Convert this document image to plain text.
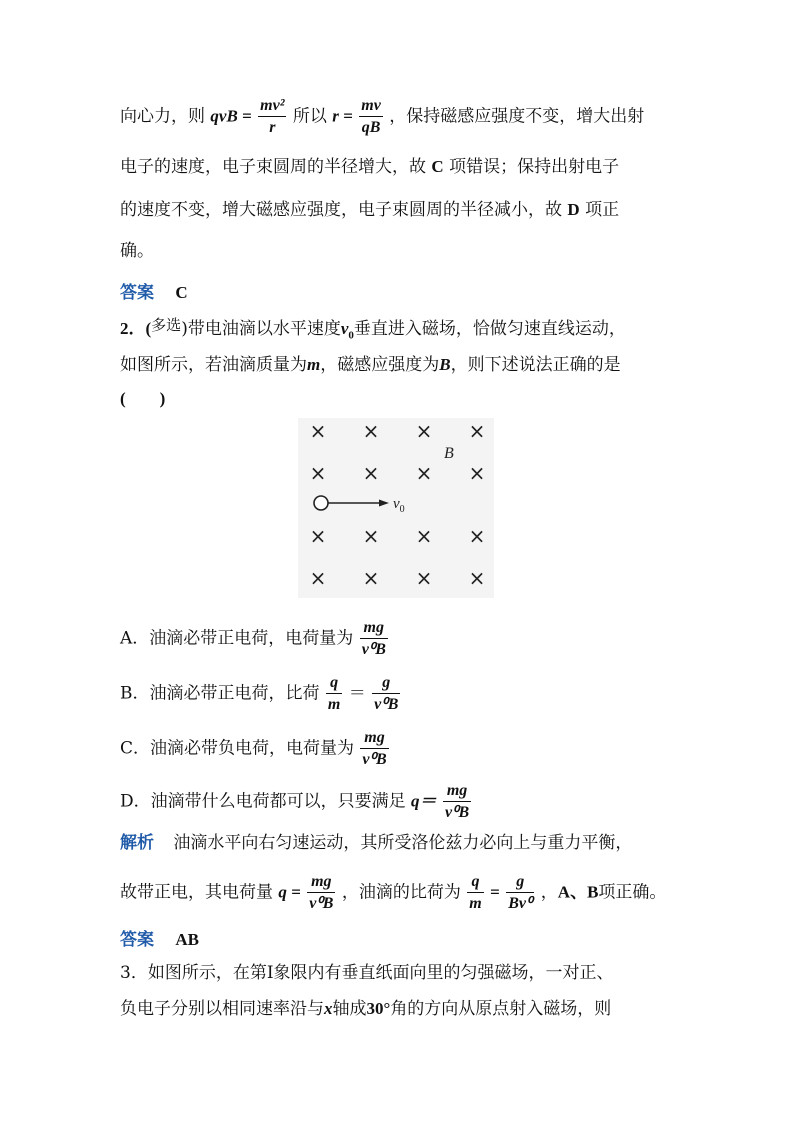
向心力，则 qvB = $\frac{\text{mv²}}{r}$ 所以 $r = \frac{mv}{qB}$ ，保持磁感应强度不变，增大出射
电子的速度，电子束圆周的半径增大，故 C 项错误；保持出射电子
的速度不变，增大磁感应强度，电子束圆周的半径减小，故 D 项正
确。
答案 C
2．(多选)带电油滴以水平速度$v_0$垂直进入磁场，恰做匀速直线运动，
如图所示，若油滴质量为m，磁感应强度为B，则下述说法正确的是
(　　)
× × × ×
× × × ×
× × × ×
× × × ×
B
$v_0$
A．油滴必带正电荷，电荷量为 $\frac{mg}{\text{v⁰B}}$
B．油滴必带正电荷，比荷 $\frac{q}{m} = \frac{g}{\text{v⁰B}}$
C．油滴必带负电荷，电荷量为 $\frac{mg}{\text{v⁰B}}$
D．油滴带什么电荷都可以，只要满足 $q= \frac{mg}{\text{v⁰B}}$
解析 油滴水平向右匀速运动，其所受洛伦兹力必向上与重力平衡，
故带正电，其电荷量 $q = \frac{mg}{\text{v⁰B}}$ ，油滴的比荷为 $\frac{q}{m} = \frac{g}{\text{Bv⁰}}$ ，A、B项正确。
答案 AB
3．如图所示，在第Ⅰ象限内有垂直纸面向里的匀强磁场，一对正、
负电子分别以相同速率沿与x轴成30°角的方向从原点射入磁场，则
